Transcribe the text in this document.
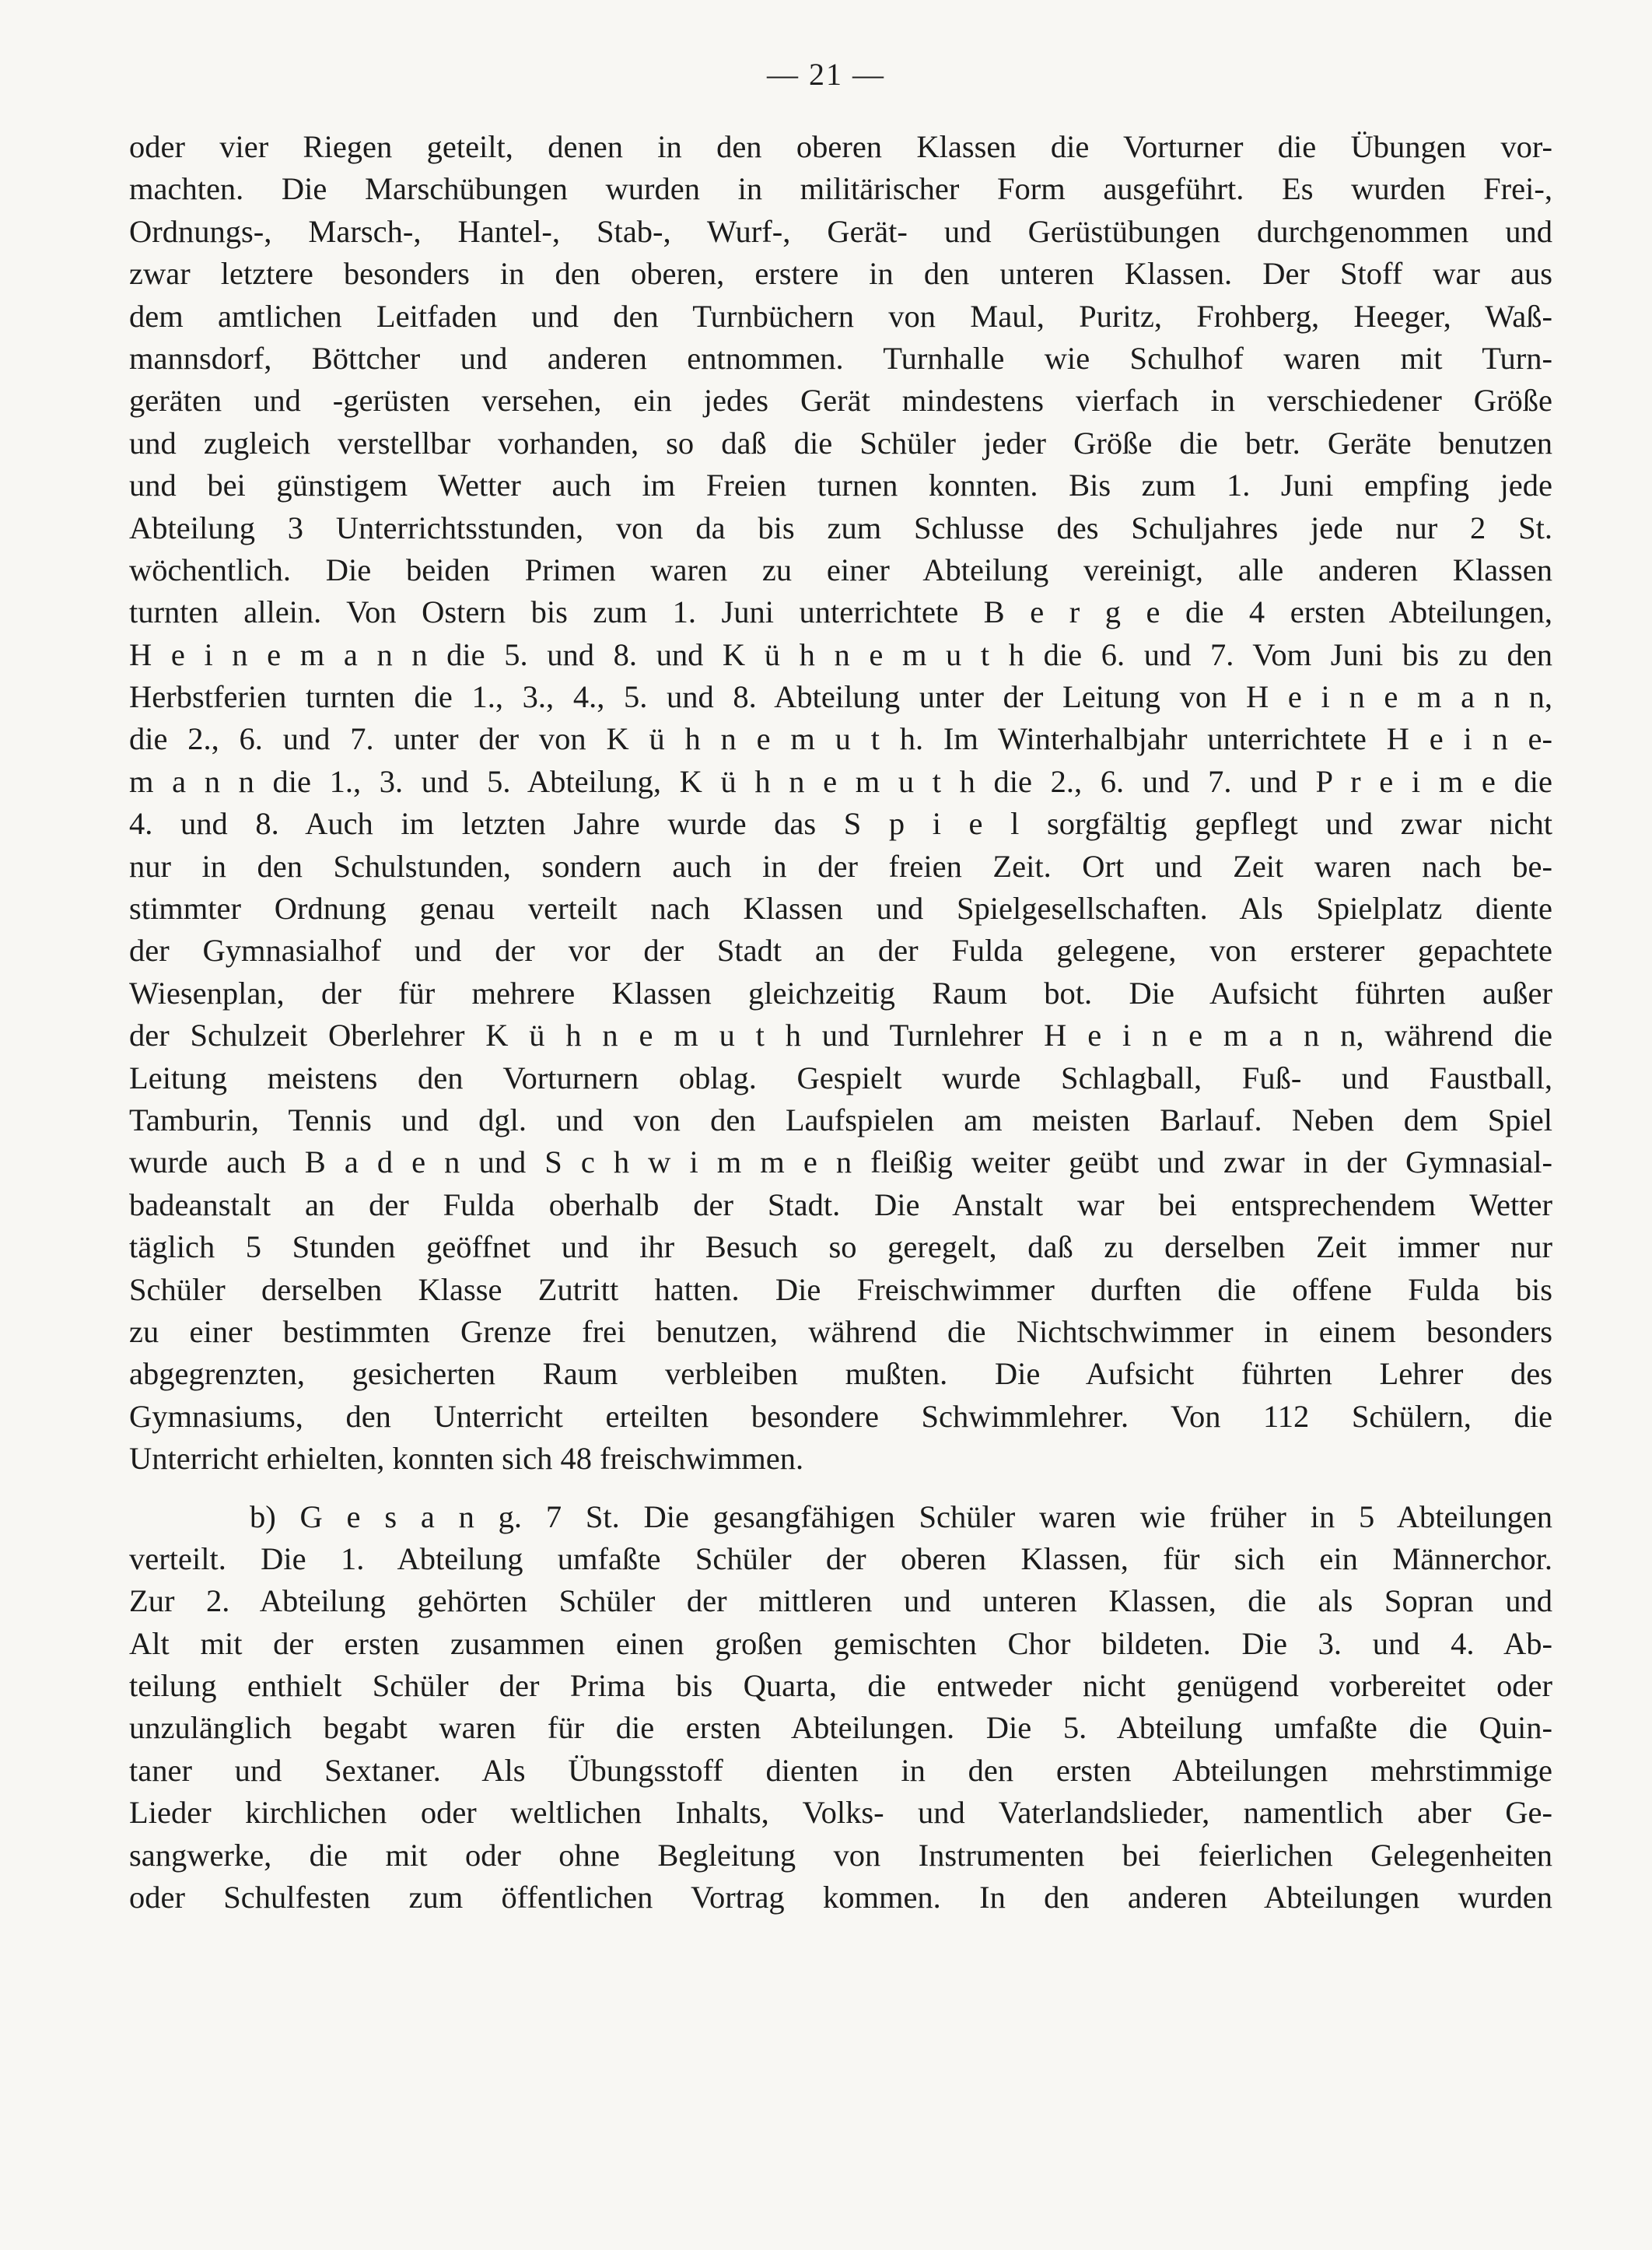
— 21 —
oder vier Riegen geteilt, denen in den oberen Klassen die Vorturner die Übungen vor-
machten. Die Marschübungen wurden in militärischer Form ausgeführt. Es wurden Frei-,
Ordnungs-, Marsch-, Hantel-, Stab-, Wurf-, Gerät- und Gerüstübungen durchgenommen und
zwar letztere besonders in den oberen, erstere in den unteren Klassen. Der Stoff war aus
dem amtlichen Leitfaden und den Turnbüchern von Maul, Puritz, Frohberg, Heeger, Waß-
mannsdorf, Böttcher und anderen entnommen. Turnhalle wie Schulhof waren mit Turn-
geräten und -gerüsten versehen, ein jedes Gerät mindestens vierfach in verschiedener Größe
und zugleich verstellbar vorhanden, so daß die Schüler jeder Größe die betr. Geräte benutzen
und bei günstigem Wetter auch im Freien turnen konnten. Bis zum 1. Juni empfing jede
Abteilung 3 Unterrichtsstunden, von da bis zum Schlusse des Schuljahres jede nur 2 St.
wöchentlich. Die beiden Primen waren zu einer Abteilung vereinigt, alle anderen Klassen
turnten allein. Von Ostern bis zum 1. Juni unterrichtete B e r g e die 4 ersten Abteilungen,
H e i n e m a n n die 5. und 8. und K ü h n e m u t h die 6. und 7. Vom Juni bis zu den
Herbstferien turnten die 1., 3., 4., 5. und 8. Abteilung unter der Leitung von H e i n e m a n n,
die 2., 6. und 7. unter der von K ü h n e m u t h. Im Winterhalbjahr unterrichtete H e i n e-
m a n n die 1., 3. und 5. Abteilung, K ü h n e m u t h die 2., 6. und 7. und P r e i m e die
4. und 8. Auch im letzten Jahre wurde das S p i e l sorgfältig gepflegt und zwar nicht
nur in den Schulstunden, sondern auch in der freien Zeit. Ort und Zeit waren nach be-
stimmter Ordnung genau verteilt nach Klassen und Spielgesellschaften. Als Spielplatz diente
der Gymnasialhof und der vor der Stadt an der Fulda gelegene, von ersterer gepachtete
Wiesenplan, der für mehrere Klassen gleichzeitig Raum bot. Die Aufsicht führten außer
der Schulzeit Oberlehrer K ü h n e m u t h und Turnlehrer H e i n e m a n n, während die
Leitung meistens den Vorturnern oblag. Gespielt wurde Schlagball, Fuß- und Faustball,
Tamburin, Tennis und dgl. und von den Laufspielen am meisten Barlauf. Neben dem Spiel
wurde auch B a d e n und S c h w i m m e n fleißig weiter geübt und zwar in der Gymnasial-
badeanstalt an der Fulda oberhalb der Stadt. Die Anstalt war bei entsprechendem Wetter
täglich 5 Stunden geöffnet und ihr Besuch so geregelt, daß zu derselben Zeit immer nur
Schüler derselben Klasse Zutritt hatten. Die Freischwimmer durften die offene Fulda bis
zu einer bestimmten Grenze frei benutzen, während die Nichtschwimmer in einem besonders
abgegrenzten, gesicherten Raum verbleiben mußten. Die Aufsicht führten Lehrer des
Gymnasiums, den Unterricht erteilten besondere Schwimmlehrer. Von 112 Schülern, die
Unterricht erhielten, konnten sich 48 freischwimmen.
b) G e s a n g. 7 St. Die gesangfähigen Schüler waren wie früher in 5 Abteilungen
verteilt. Die 1. Abteilung umfaßte Schüler der oberen Klassen, für sich ein Männerchor.
Zur 2. Abteilung gehörten Schüler der mittleren und unteren Klassen, die als Sopran und
Alt mit der ersten zusammen einen großen gemischten Chor bildeten. Die 3. und 4. Ab-
teilung enthielt Schüler der Prima bis Quarta, die entweder nicht genügend vorbereitet oder
unzulänglich begabt waren für die ersten Abteilungen. Die 5. Abteilung umfaßte die Quin-
taner und Sextaner. Als Übungsstoff dienten in den ersten Abteilungen mehrstimmige
Lieder kirchlichen oder weltlichen Inhalts, Volks- und Vaterlandslieder, namentlich aber Ge-
sangwerke, die mit oder ohne Begleitung von Instrumenten bei feierlichen Gelegenheiten
oder Schulfesten zum öffentlichen Vortrag kommen. In den anderen Abteilungen wurden
